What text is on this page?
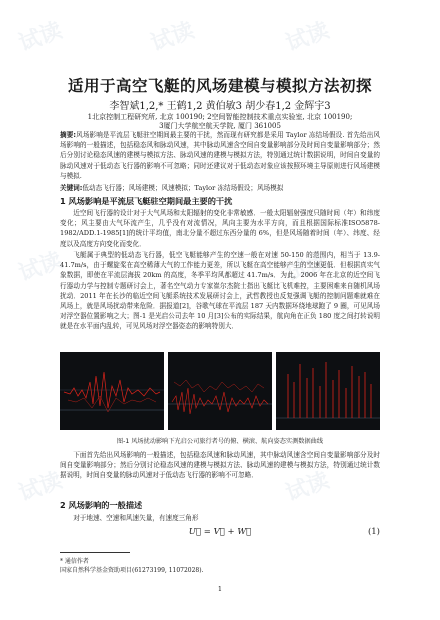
试读	试读	试读
试读	试读
试读	试读
适用于高空飞艇的风场建模与模拟方法初探
李智斌1,2,* 王鹤1,2 黄伯敏3 胡少春1,2 金辉宇3
1北京控制工程研究所, 北京 100190; 2空间智能控制技术重点实验室, 北京 100190;
3厦门大学航空航天学院, 厦门 361005
摘要:风场影响是平流层飞艇驻空期间最主要的干扰，然而现有研究都是采用 Taylor 冻结场假设. 首先给出风场影响的一般描述，包括稳态风和脉动风速，其中脉动风速含空间自变量影响部分及时间自变量影响部分；然后分别讨论稳态风速的建模与模拟方法、脉动风速的建模与模拟方法，特别通过统计数据说明，时间自变量的脉动风速对于低动态飞行器的影响不可忽略；同时还建议对于低动态对象应该按照环境主导原则进行风场建模与模拟.
关键词:低动态飞行器；风场建模；风速模拟；Taylor 冻结场假设；风场模拟
1 风场影响是平流层飞艇驻空期间最主要的干扰
近空间飞行器的设计对于大气风场和太阳辐射的变化非常敏感．一般太阳辐射强度只随时间（年）和纬度变化；风主要由大气环流产生，几乎没有对流情况，风向主要为水平方向，而且根据国际标准ISO5878-1982/ADD.1-1985[1]的统计平均值，南北分量不超过东西分量的 6%，但是风场随着时间（年）、纬度、经度以及高度方向变化而变化．
飞艇属于典型的低动态飞行器，低空飞艇能够产生的空速一般在对速 50-150 的范围内，相当于 13.9-41.7m/s，由于螺旋桨在高空稀薄大气的工作能力更差，所以飞艇在高空能够产生的空速更低．但根据真实气象数据，即使在平流层海拔 20km 的高度，冬季平均风都超过 41.7m/s．为此，2006 年在北京的近空间飞行器动力学与控制专题研讨会上，著名空气动力专家崔尔杰院士指出飞艇比飞机难控，主要困难来自随机风场扰动．2011 年在长沙的临近空间飞艇系统技术发展研讨会上，武哲教授也反复强调飞艇的控制问题难就难在风场上，就是风场扰动带来危险．据报道[2]，谷歌气球在平流层 187 天内数据环绕地球跑了 9 圈，可见风场对浮空器位置影响之大；图-1 是光启公司去年 10 月[3]公布的实际结果，航向角在正负 180 度之间打转说明就是在水平面内乱转，可见风场对浮空器姿态的影响特别大．
图-1 风场扰动影响下光启公司旅行者号的俯、横滚、航向姿态实测数据曲线
下面首先给出风场影响的一般描述，包括稳态风速和脉动风速，其中脉动风速含空间自变量影响部分及时间自变量影响部分；然后分别讨论稳态风速的建模与模拟方法、脉动风速的建模与模拟方法，特别通过统计数据说明，时间自变量的脉动风速对于低动态飞行器的影响不可忽略．
2 风场影响的一般描述
对于地速、空速和风速矢量，有速度三角形
U⃗ = V⃗ + W⃗	(1)
* 通信作者
国家自然科学基金资助项目(61273199, 11072028).
1
